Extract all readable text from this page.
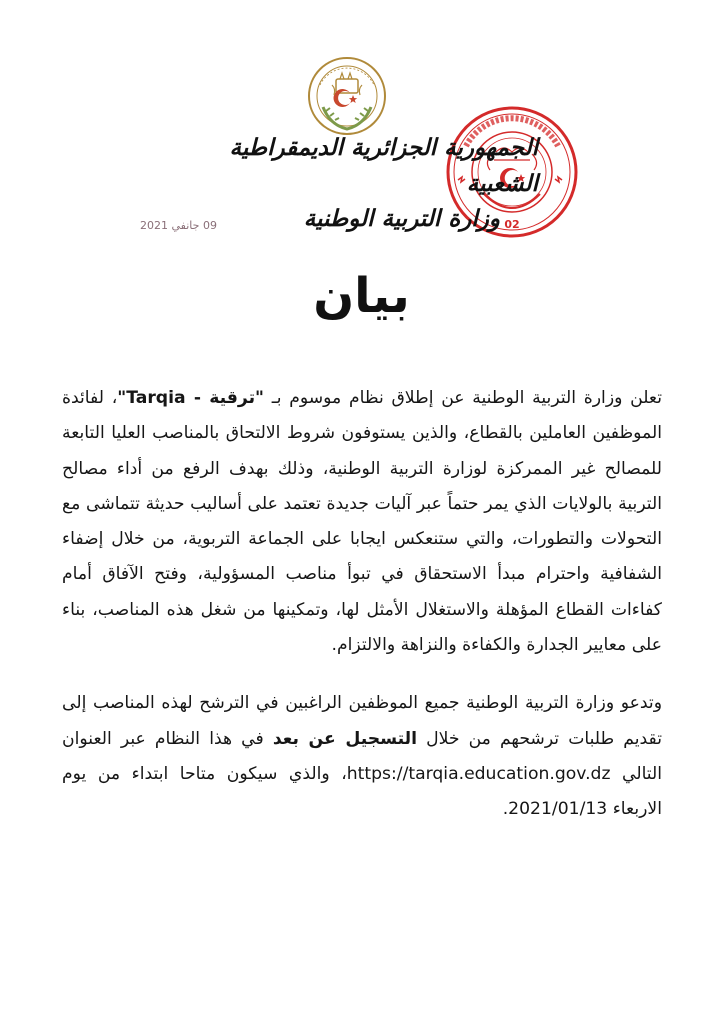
02
الجمهورية الجزائرية الديمقراطية الشعبية
وزارة التربية الوطنية
09 جانفي 2021
بيان

تعلن وزارة التربية الوطنية عن إطلاق نظام موسوم بـ "ترقية - Tarqia"، لفائدة الموظفين العاملين بالقطاع، والذين يستوفون شروط الالتحاق بالمناصب العليا التابعة للمصالح غير الممركزة لوزارة التربية الوطنية، وذلك بهدف الرفع من أداء مصالح التربية بالولايات الذي يمر حتماً عبر آليات جديدة تعتمد على أساليب حديثة تتماشى مع التحولات والتطورات، والتي ستنعكس ايجابا على الجماعة التربوية، من خلال إضفاء الشفافية واحترام مبدأ الاستحقاق في تبوأ مناصب المسؤولية، وفتح الآفاق أمام كفاءات القطاع المؤهلة والاستغلال الأمثل لها، وتمكينها من شغل هذه المناصب، بناء على معايير الجدارة والكفاءة والنزاهة والالتزام.

وتدعو وزارة التربية الوطنية جميع الموظفين الراغبين في الترشح لهذه المناصب إلى تقديم طلبات ترشحهم من خلال التسجيل عن بعد في هذا النظام عبر العنوان التالي https://tarqia.education.gov.dz، والذي سيكون متاحا ابتداء من يوم الاربعاء 2021/01/13.
